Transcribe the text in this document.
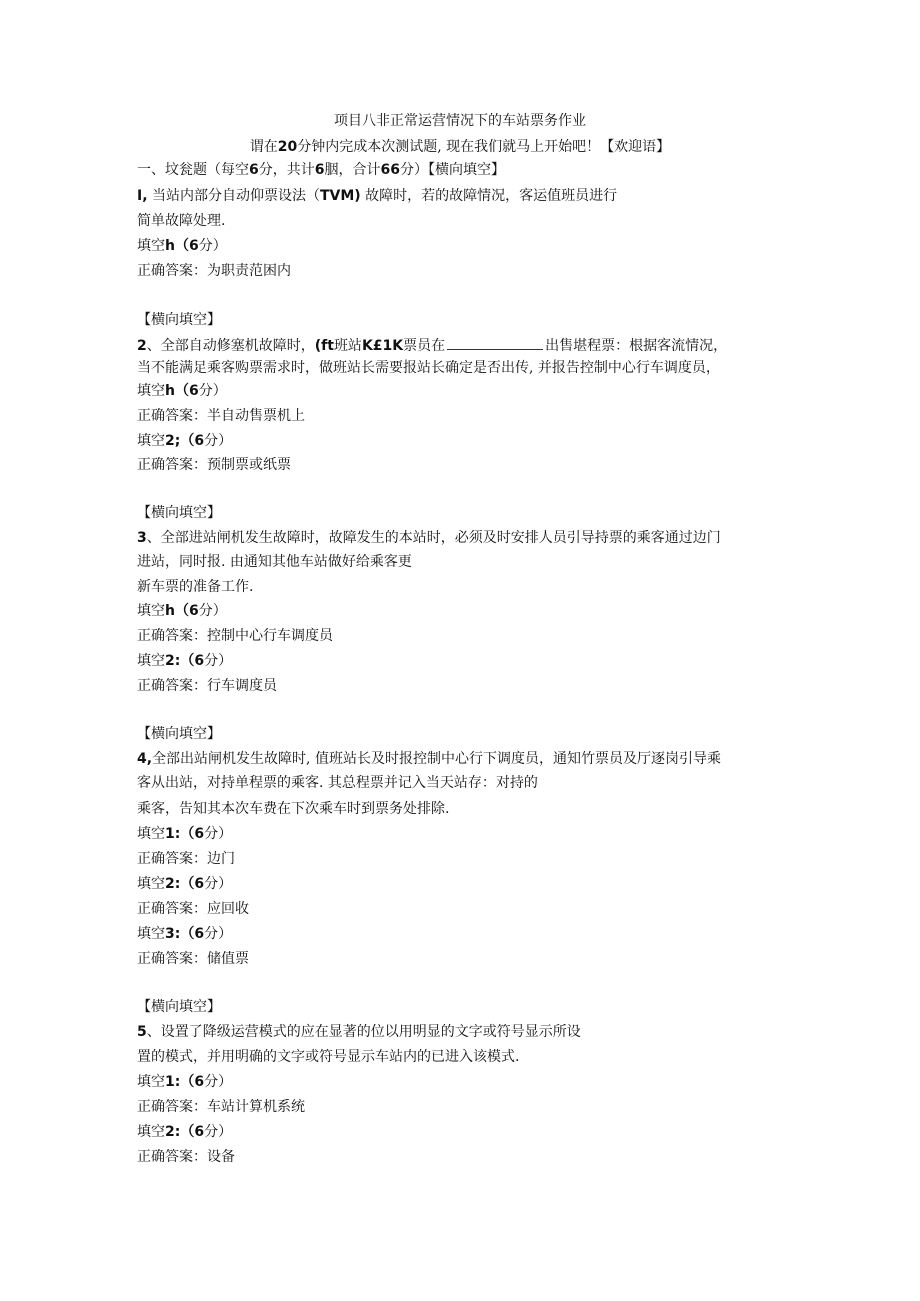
项目八非正常运营情况下的车站票务作业
谓在20分钟内完成本次测试题, 现在我们就马上开始吧！【欢迎语】
一、坟瓮题（每空6分，共计6胭，合计66分）【横向填空】
I, 当站内部分自动仰票设法（TVM) 故障时，若的故障情况，客运值班员进行
简单故障处理.
填空h（6分）
正确答案：为职责范困内
【横向填空】
2、全部自动修塞机故障时，(ft班站K£1K票员在	出售堪程票：根据客流情况，
当不能满足乘客购票需求时，做班站长需要报站长确定是否出传, 并报告控制中心行车调度员，
填空h（6分）
正确答案：半自动售票机上
填空2;（6分）
正确答案：预制票或纸票
【横向填空】
3、全部进站闸机发生故障时，故障发生的本站时，必须及时安排人员引导持票的乘客通过边门
进站，同时报. 由通知其他车站做好给乘客更
新车票的准备工作.
填空h（6分）
正确答案：控制中心行车调度员
填空2:（6分）
正确答案：行车调度员
【横向填空】
4,全部出站闸机发生故障时, 值班站长及时报控制中心行下调度员，通知竹票员及厅逐岗引导乘
客从出站，对持单程票的乘客. 其总程票并记入当天站存：对持的
乘客，告知其本次车费在下次乘车时到票务处排除.
填空1:（6分）
正确答案：边门
填空2:（6分）
正确答案：应回收
填空3:（6分）
正确答案：储值票
【横向填空】
5、设置了降级运营模式的应在显著的位以用明显的文字或符号显示所设
置的模式，并用明确的文字或符号显示车站内的已进入该模式.
填空1:（6分）
正确答案：车站计算机系统
填空2:（6分）
正确答案：设备
